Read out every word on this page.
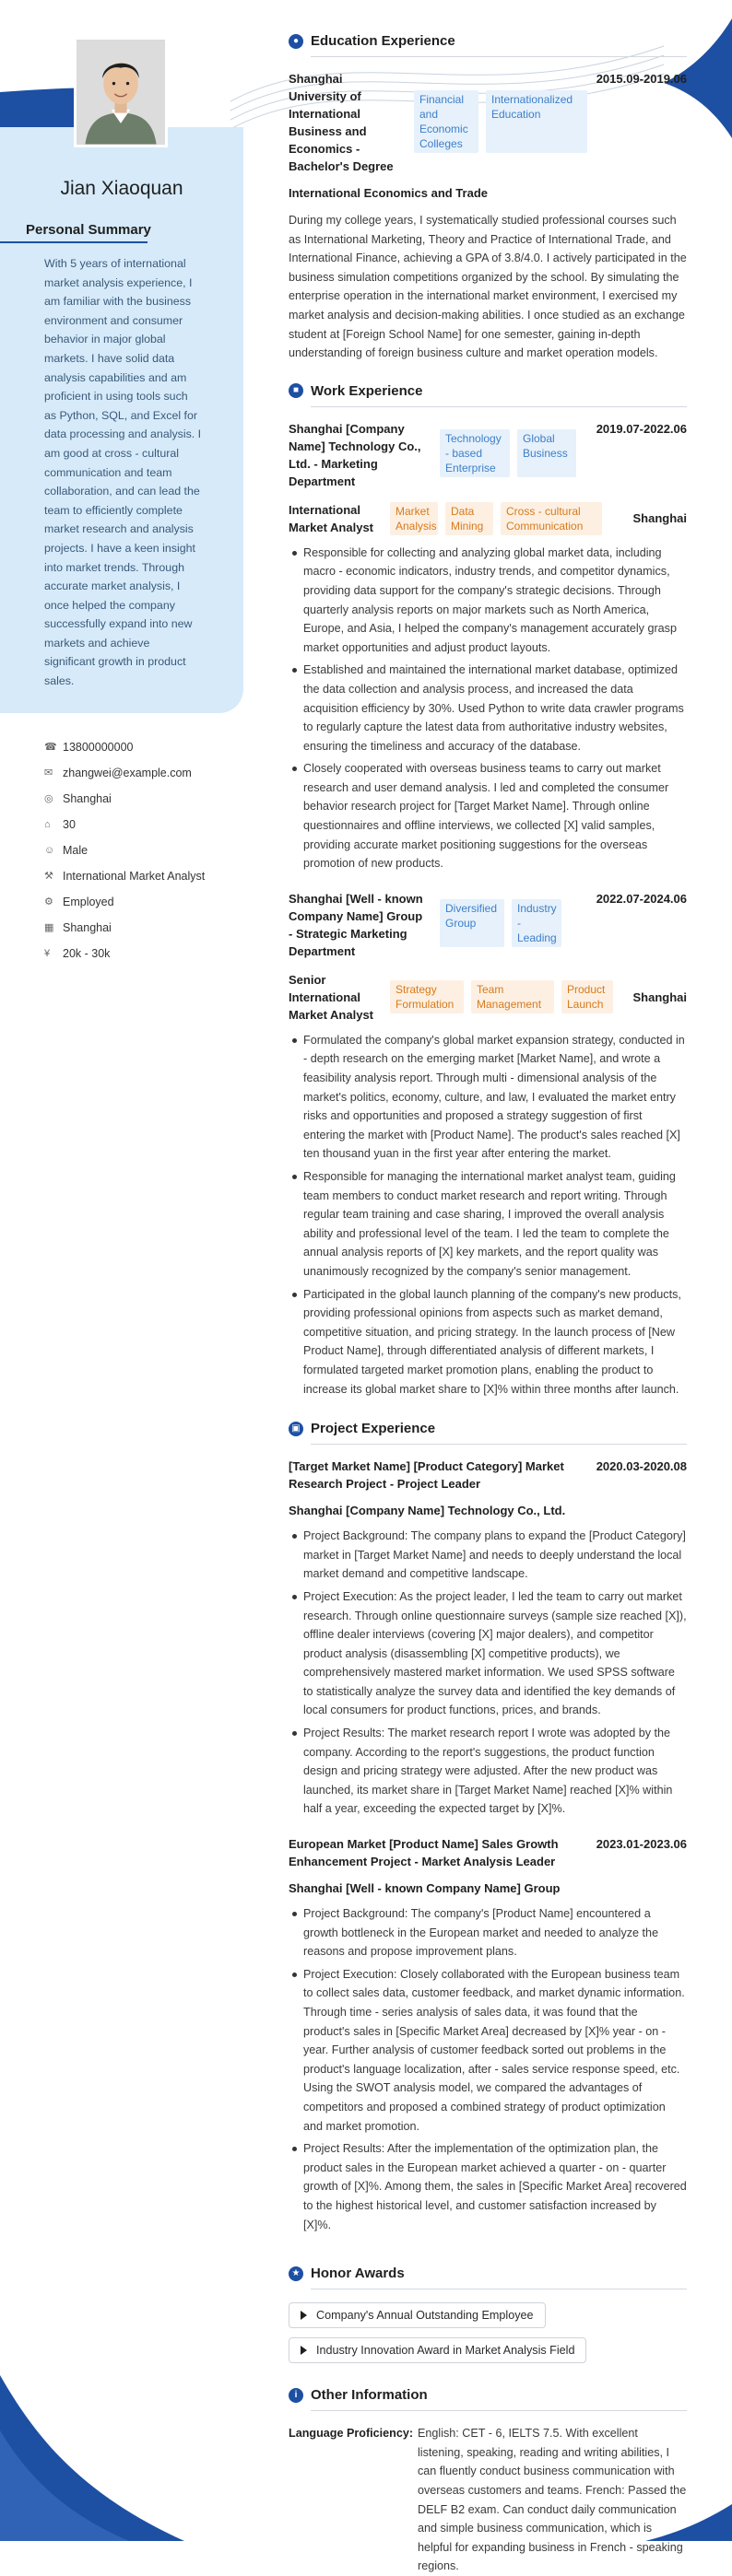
Jian Xiaoquan
Personal Summary
With 5 years of international market analysis experience, I am familiar with the business environment and consumer behavior in major global markets. I have solid data analysis capabilities and am proficient in using tools such as Python, SQL, and Excel for data processing and analysis. I am good at cross - cultural communication and team collaboration, and can lead the team to efficiently complete market research and analysis projects. I have a keen insight into market trends. Through accurate market analysis, I once helped the company successfully expand into new markets and achieve significant growth in product sales.
☎ 13800000000
✉ zhangwei@example.com
◎ Shanghai
⌂	30
☺ Male
⚒ International Market Analyst
⚙ Employed
▦ Shanghai
¥	20k - 30k
● Education Experience
Shanghai University of International Business and Economics - Bachelor's Degree
Financial and Economic Colleges
Internationalized Education
2015.09-2019.06
International Economics and Trade
During my college years, I systematically studied professional courses such as International Marketing, Theory and Practice of International Trade, and International Finance, achieving a GPA of 3.8/4.0. I actively participated in the business simulation competitions organized by the school. By simulating the enterprise operation in the international market environment, I exercised my market analysis and decision-making abilities. I once studied as an exchange student at [Foreign School Name] for one semester, gaining in-depth understanding of foreign business culture and market operation models.
■ Work Experience
Shanghai [Company Name] Technology Co., Ltd. - Marketing Department
Technology - based Enterprise
Global Business
2019.07-2022.06
International Market Analyst
Market Analysis
Data Mining
Cross - cultural Communication
Shanghai
Responsible for collecting and analyzing global market data, including macro - economic indicators, industry trends, and competitor dynamics, providing data support for the company's strategic decisions. Through quarterly analysis reports on major markets such as North America, Europe, and Asia, I helped the company's management accurately grasp market opportunities and adjust product layouts.
Established and maintained the international market database, optimized the data collection and analysis process, and increased the data acquisition efficiency by 30%. Used Python to write data crawler programs to regularly capture the latest data from authoritative industry websites, ensuring the timeliness and accuracy of the database.
Closely cooperated with overseas business teams to carry out market research and user demand analysis. I led and completed the consumer behavior research project for [Target Market Name]. Through online questionnaires and offline interviews, we collected [X] valid samples, providing accurate market positioning suggestions for the overseas promotion of new products.
Shanghai [Well - known Company Name] Group - Strategic Marketing Department
Diversified Group
Industry - Leading
2022.07-2024.06
Senior International Market Analyst
Strategy Formulation
Team Management
Product Launch
Shanghai
Formulated the company's global market expansion strategy, conducted in - depth research on the emerging market [Market Name], and wrote a feasibility analysis report. Through multi - dimensional analysis of the market's politics, economy, culture, and law, I evaluated the market entry risks and opportunities and proposed a strategy suggestion of first entering the market with [Product Name]. The product's sales reached [X] ten thousand yuan in the first year after entering the market.
Responsible for managing the international market analyst team, guiding team members to conduct market research and report writing. Through regular team training and case sharing, I improved the overall analysis ability and professional level of the team. I led the team to complete the annual analysis reports of [X] key markets, and the report quality was unanimously recognized by the company's senior management.
Participated in the global launch planning of the company's new products, providing professional opinions from aspects such as market demand, competitive situation, and pricing strategy. In the launch process of [New Product Name], through differentiated analysis of different markets, I formulated targeted market promotion plans, enabling the product to increase its global market share to [X]% within three months after launch.
▣ Project Experience
[Target Market Name] [Product Category] Market Research Project - Project Leader
2020.03-2020.08
Shanghai [Company Name] Technology Co., Ltd.
Project Background: The company plans to expand the [Product Category] market in [Target Market Name] and needs to deeply understand the local market demand and competitive landscape.
Project Execution: As the project leader, I led the team to carry out market research. Through online questionnaire surveys (sample size reached [X]), offline dealer interviews (covering [X] major dealers), and competitor product analysis (disassembling [X] competitive products), we comprehensively mastered market information. We used SPSS software to statistically analyze the survey data and identified the key demands of local consumers for product functions, prices, and brands.
Project Results: The market research report I wrote was adopted by the company. According to the report's suggestions, the product function design and pricing strategy were adjusted. After the new product was launched, its market share in [Target Market Name] reached [X]% within half a year, exceeding the expected target by [X]%.
European Market [Product Name] Sales Growth Enhancement Project - Market Analysis Leader
2023.01-2023.06
Shanghai [Well - known Company Name] Group
Project Background: The company's [Product Name] encountered a growth bottleneck in the European market and needed to analyze the reasons and propose improvement plans.
Project Execution: Closely collaborated with the European business team to collect sales data, customer feedback, and market dynamic information. Through time - series analysis of sales data, it was found that the product's sales in [Specific Market Area] decreased by [X]% year - on - year. Further analysis of customer feedback sorted out problems in the product's language localization, after - sales service response speed, etc. Using the SWOT analysis model, we compared the advantages of competitors and proposed a combined strategy of product optimization and market promotion.
Project Results: After the implementation of the optimization plan, the product sales in the European market achieved a quarter - on - quarter growth of [X]%. Among them, the sales in [Specific Market Area] recovered to the highest historical level, and customer satisfaction increased by [X]%.
★ Honor Awards
Company's Annual Outstanding Employee

Industry Innovation Award in Market Analysis Field
i Other Information
Language Proficiency: English: CET - 6, IELTS 7.5. With excellent listening, speaking, reading and writing abilities, I can fluently conduct business communication with overseas customers and teams. French: Passed the DELF B2 exam. Can conduct daily communication and simple business communication, which is helpful for expanding business in French - speaking regions.
